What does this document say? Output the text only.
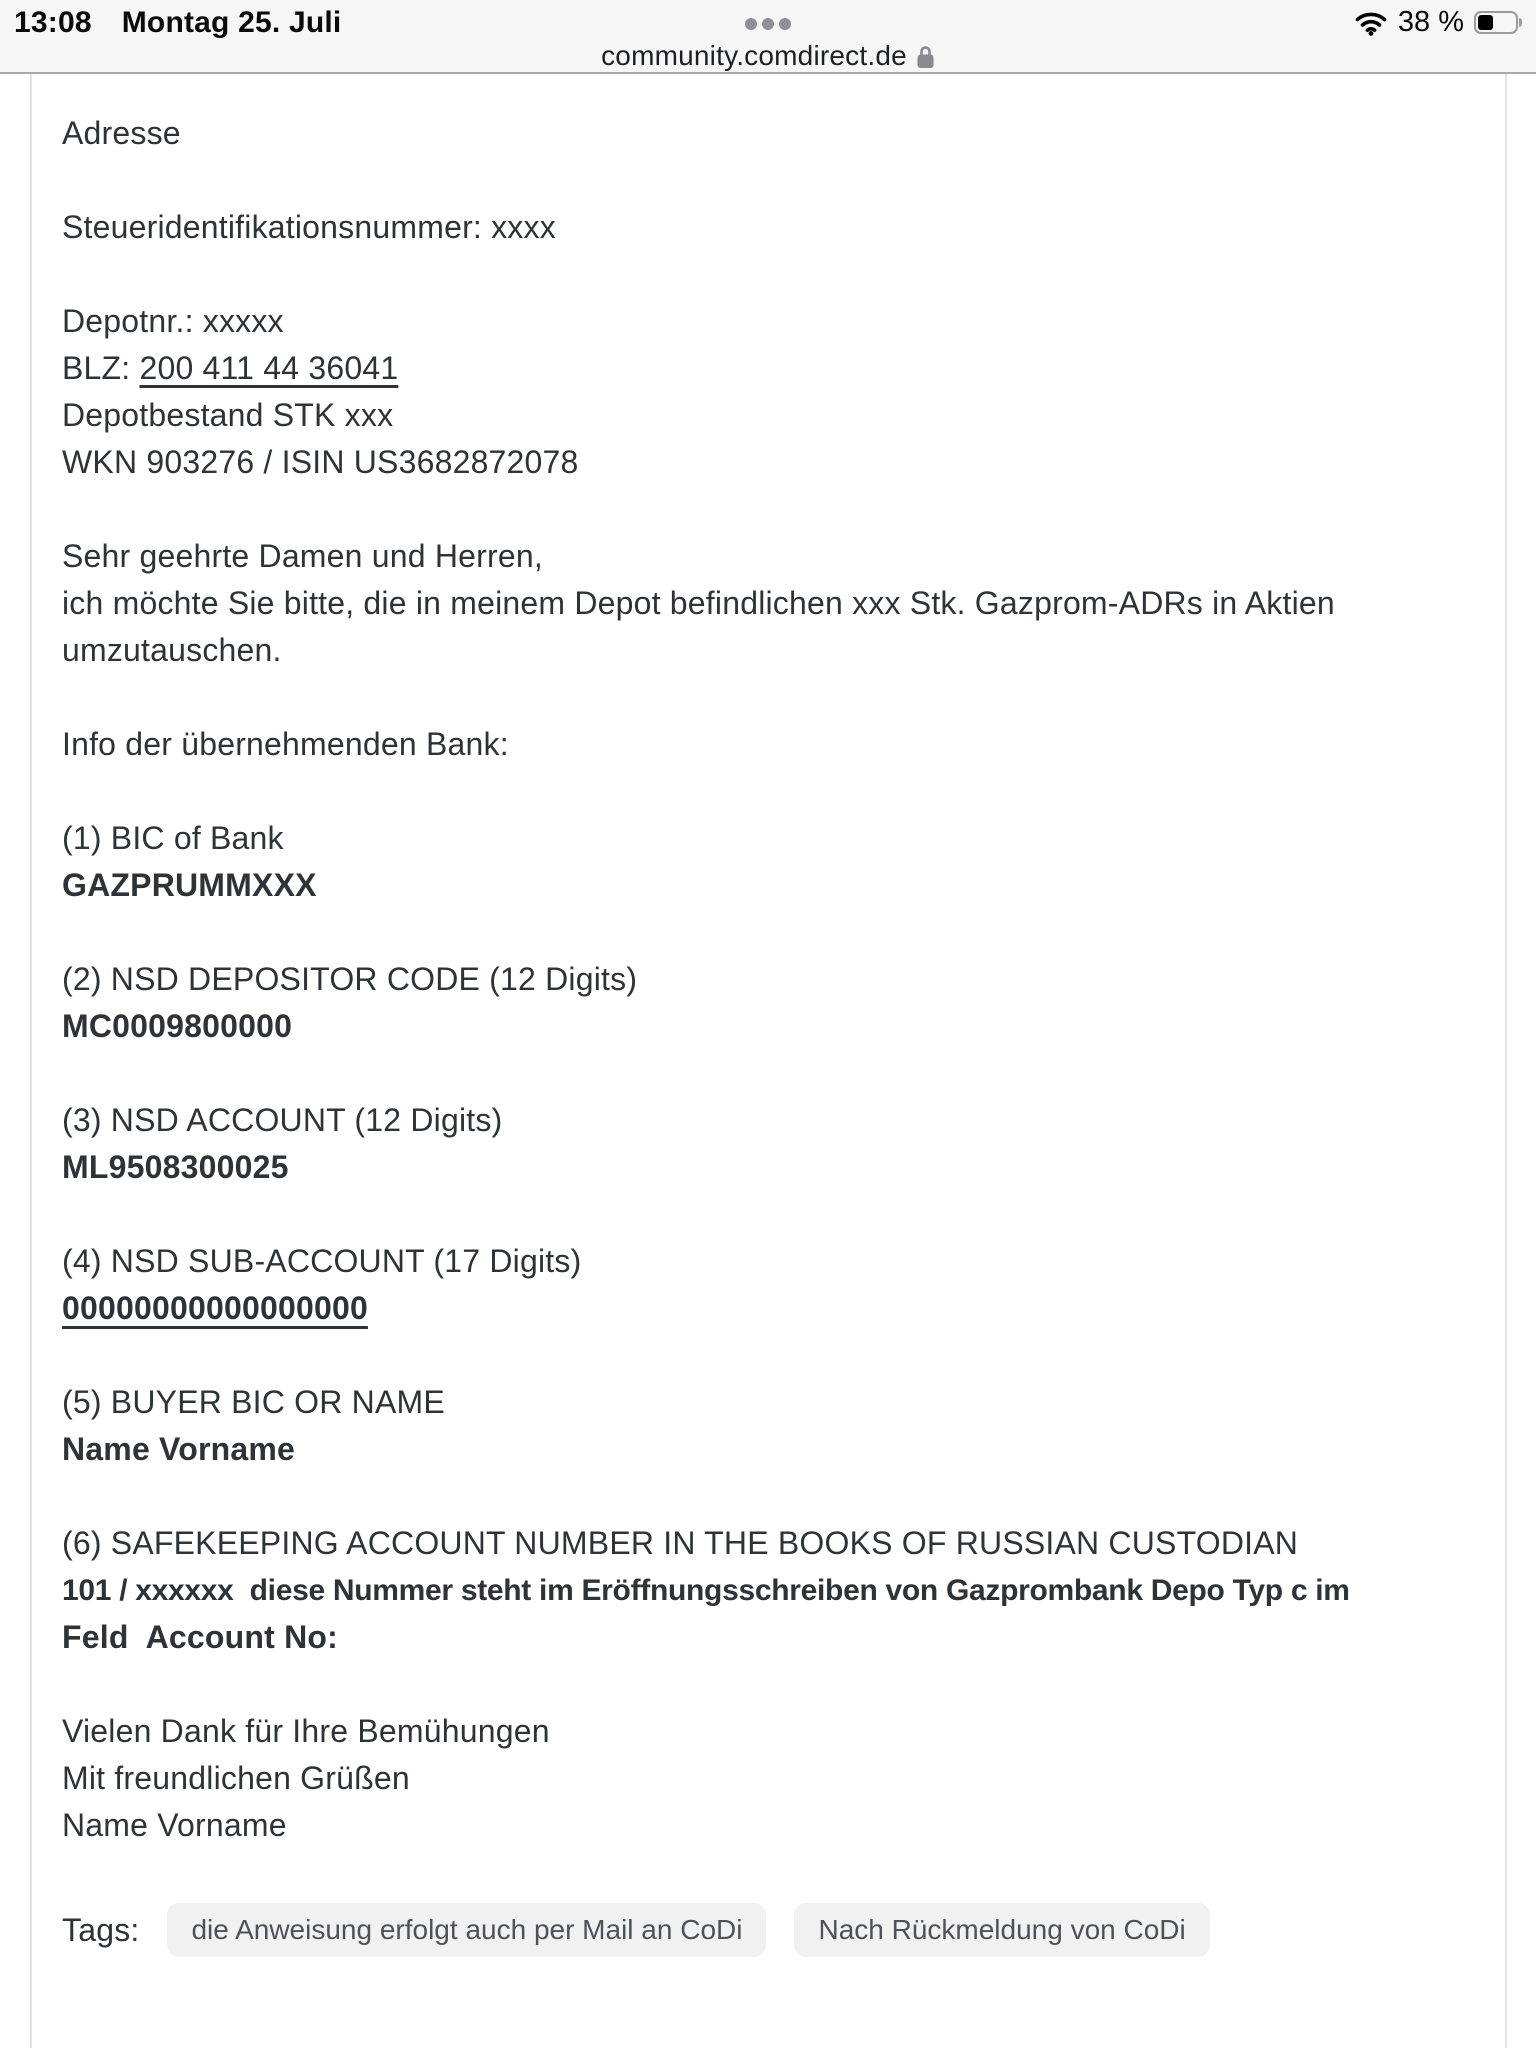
13:08 Montag 25. Juli
community.comdirect.de
38 %
Adresse
Steueridentifikationsnummer: xxxx
Depotnr.: xxxxx
BLZ: 200 411 44 36041
Depotbestand STK xxx
WKN 903276 / ISIN US3682872078
Sehr geehrte Damen und Herren,
ich möchte Sie bitte, die in meinem Depot befindlichen xxx Stk. Gazprom-ADRs in Aktien
umzutauschen.
Info der übernehmenden Bank:
(1) BIC of Bank
GAZPRUMMXXX
(2) NSD DEPOSITOR CODE (12 Digits)
MC0009800000
(3) NSD ACCOUNT (12 Digits)
ML9508300025
(4) NSD SUB-ACCOUNT (17 Digits)
00000000000000000
(5) BUYER BIC OR NAME
Name Vorname
(6) SAFEKEEPING ACCOUNT NUMBER IN THE BOOKS OF RUSSIAN CUSTODIAN
101 / xxxxxx  diese Nummer steht im Eröffnungsschreiben von Gazprombank Depo Typ c im
Feld  Account No:
Vielen Dank für Ihre Bemühungen
Mit freundlichen Grüßen
Name Vorname
Tags:	die Anweisung erfolgt auch per Mail an CoDi	Nach Rückmeldung von CoDi
